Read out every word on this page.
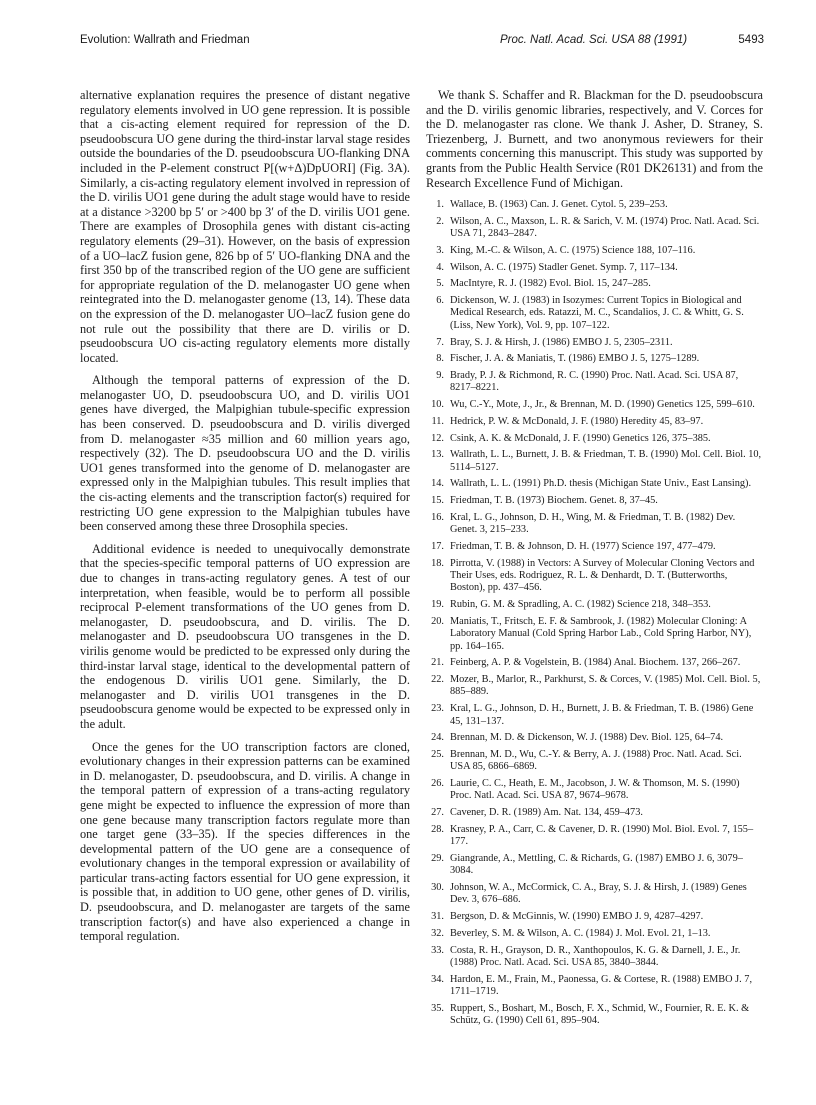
Evolution: Wallrath and Friedman	Proc. Natl. Acad. Sci. USA 88 (1991)	5493

alternative explanation requires the presence of distant negative regulatory elements involved in UO gene repression. It is possible that a cis-acting element required for repression of the D. pseudoobscura UO gene during the third-instar larval stage resides outside the boundaries of the D. pseudoobscura UO-flanking DNA included in the P-element construct P[(w+Δ)DpUORI] (Fig. 3A). Similarly, a cis-acting regulatory element involved in repression of the D. virilis UO1 gene during the adult stage would have to reside at a distance >3200 bp 5′ or >400 bp 3′ of the D. virilis UO1 gene. There are examples of Drosophila genes with distant cis-acting regulatory elements (29–31). However, on the basis of expression of a UO–lacZ fusion gene, 826 bp of 5′ UO-flanking DNA and the first 350 bp of the transcribed region of the UO gene are sufficient for appropriate regulation of the D. melanogaster UO gene when reintegrated into the D. melanogaster genome (13, 14). These data on the expression of the D. melanogaster UO–lacZ fusion gene do not rule out the possibility that there are D. virilis or D. pseudoobscura UO cis-acting regulatory elements more distally located.

Although the temporal patterns of expression of the D. melanogaster UO, D. pseudoobscura UO, and D. virilis UO1 genes have diverged, the Malpighian tubule-specific expression has been conserved. D. pseudoobscura and D. virilis diverged from D. melanogaster ≈35 million and 60 million years ago, respectively (32). The D. pseudoobscura UO and the D. virilis UO1 genes transformed into the genome of D. melanogaster are expressed only in the Malpighian tubules. This result implies that the cis-acting elements and the transcription factor(s) required for restricting UO gene expression to the Malpighian tubules have been conserved among these three Drosophila species.

Additional evidence is needed to unequivocally demonstrate that the species-specific temporal patterns of UO expression are due to changes in trans-acting regulatory genes. A test of our interpretation, when feasible, would be to perform all possible reciprocal P-element transformations of the UO genes from D. melanogaster, D. pseudoobscura, and D. virilis. The D. melanogaster and D. pseudoobscura UO transgenes in the D. virilis genome would be predicted to be expressed only during the third-instar larval stage, identical to the developmental pattern of the endogenous D. virilis UO1 gene. Similarly, the D. melanogaster and D. virilis UO1 transgenes in the D. pseudoobscura genome would be expected to be expressed only in the adult.

Once the genes for the UO transcription factors are cloned, evolutionary changes in their expression patterns can be examined in D. melanogaster, D. pseudoobscura, and D. virilis. A change in the temporal pattern of expression of a trans-acting regulatory gene might be expected to influence the expression of more than one gene because many transcription factors regulate more than one target gene (33–35). If the species differences in the developmental pattern of the UO gene are a consequence of evolutionary changes in the temporal expression or availability of particular trans-acting factors essential for UO gene expression, it is possible that, in addition to UO gene, other genes of D. virilis, D. pseudoobscura, and D. melanogaster are targets of the same transcription factor(s) and have also experienced a change in temporal regulation.

We thank S. Schaffer and R. Blackman for the D. pseudoobscura and the D. virilis genomic libraries, respectively, and V. Corces for the D. melanogaster ras clone. We thank J. Asher, D. Straney, S. Triezenberg, J. Burnett, and two anonymous reviewers for their comments concerning this manuscript. This study was supported by grants from the Public Health Service (R01 DK26131) and from the Research Excellence Fund of Michigan.

1. Wallace, B. (1963) Can. J. Genet. Cytol. 5, 239–253.
2. Wilson, A. C., Maxson, L. R. & Sarich, V. M. (1974) Proc. Natl. Acad. Sci. USA 71, 2843–2847.
3. King, M.-C. & Wilson, A. C. (1975) Science 188, 107–116.
4. Wilson, A. C. (1975) Stadler Genet. Symp. 7, 117–134.
5. MacIntyre, R. J. (1982) Evol. Biol. 15, 247–285.
6. Dickenson, W. J. (1983) in Isozymes: Current Topics in Biological and Medical Research, eds. Ratazzi, M. C., Scandalios, J. C. & Whitt, G. S. (Liss, New York), Vol. 9, pp. 107–122.
7. Bray, S. J. & Hirsh, J. (1986) EMBO J. 5, 2305–2311.
8. Fischer, J. A. & Maniatis, T. (1986) EMBO J. 5, 1275–1289.
9. Brady, P. J. & Richmond, R. C. (1990) Proc. Natl. Acad. Sci. USA 87, 8217–8221.
10. Wu, C.-Y., Mote, J., Jr., & Brennan, M. D. (1990) Genetics 125, 599–610.
11. Hedrick, P. W. & McDonald, J. F. (1980) Heredity 45, 83–97.
12. Csink, A. K. & McDonald, J. F. (1990) Genetics 126, 375–385.
13. Wallrath, L. L., Burnett, J. B. & Friedman, T. B. (1990) Mol. Cell. Biol. 10, 5114–5127.
14. Wallrath, L. L. (1991) Ph.D. thesis (Michigan State Univ., East Lansing).
15. Friedman, T. B. (1973) Biochem. Genet. 8, 37–45.
16. Kral, L. G., Johnson, D. H., Wing, M. & Friedman, T. B. (1982) Dev. Genet. 3, 215–233.
17. Friedman, T. B. & Johnson, D. H. (1977) Science 197, 477–479.
18. Pirrotta, V. (1988) in Vectors: A Survey of Molecular Cloning Vectors and Their Uses, eds. Rodriguez, R. L. & Denhardt, D. T. (Butterworths, Boston), pp. 437–456.
19. Rubin, G. M. & Spradling, A. C. (1982) Science 218, 348–353.
20. Maniatis, T., Fritsch, E. F. & Sambrook, J. (1982) Molecular Cloning: A Laboratory Manual (Cold Spring Harbor Lab., Cold Spring Harbor, NY), pp. 164–165.
21. Feinberg, A. P. & Vogelstein, B. (1984) Anal. Biochem. 137, 266–267.
22. Mozer, B., Marlor, R., Parkhurst, S. & Corces, V. (1985) Mol. Cell. Biol. 5, 885–889.
23. Kral, L. G., Johnson, D. H., Burnett, J. B. & Friedman, T. B. (1986) Gene 45, 131–137.
24. Brennan, M. D. & Dickenson, W. J. (1988) Dev. Biol. 125, 64–74.
25. Brennan, M. D., Wu, C.-Y. & Berry, A. J. (1988) Proc. Natl. Acad. Sci. USA 85, 6866–6869.
26. Laurie, C. C., Heath, E. M., Jacobson, J. W. & Thomson, M. S. (1990) Proc. Natl. Acad. Sci. USA 87, 9674–9678.
27. Cavener, D. R. (1989) Am. Nat. 134, 459–473.
28. Krasney, P. A., Carr, C. & Cavener, D. R. (1990) Mol. Biol. Evol. 7, 155–177.
29. Giangrande, A., Mettling, C. & Richards, G. (1987) EMBO J. 6, 3079–3084.
30. Johnson, W. A., McCormick, C. A., Bray, S. J. & Hirsh, J. (1989) Genes Dev. 3, 676–686.
31. Bergson, D. & McGinnis, W. (1990) EMBO J. 9, 4287–4297.
32. Beverley, S. M. & Wilson, A. C. (1984) J. Mol. Evol. 21, 1–13.
33. Costa, R. H., Grayson, D. R., Xanthopoulos, K. G. & Darnell, J. E., Jr. (1988) Proc. Natl. Acad. Sci. USA 85, 3840–3844.
34. Hardon, E. M., Frain, M., Paonessa, G. & Cortese, R. (1988) EMBO J. 7, 1711–1719.
35. Ruppert, S., Boshart, M., Bosch, F. X., Schmid, W., Fournier, R. E. K. & Schütz, G. (1990) Cell 61, 895–904.
